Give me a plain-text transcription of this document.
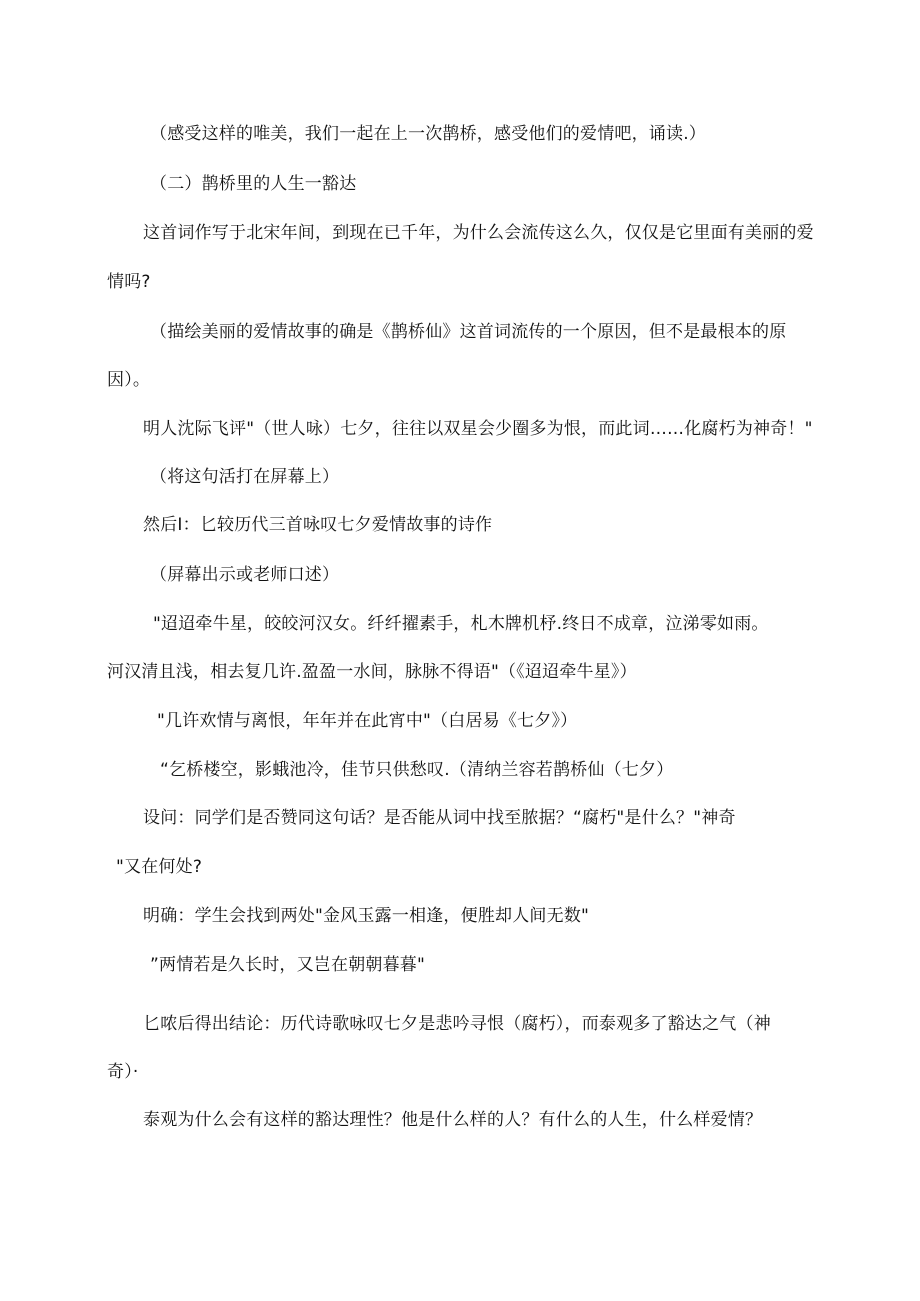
（感受这样的唯美，我们一起在上一次鹊桥，感受他们的爱情吧，诵读.）
（二）鹊桥里的人生一豁达
这首词作写于北宋年间，到现在已千年，为什么会流传这么久，仅仅是它里面有美丽的爱
情吗?
（描绘美丽的爱情故事的确是《鹊桥仙》这首词流传的一个原因，但不是最根本的原
因）。
明人沈际飞评"（世人咏）七夕，往往以双星会少圈多为恨，而此词……化腐朽为神奇！"
（将这句活打在屏幕上）
然后I：匕较历代三首咏叹七夕爱情故事的诗作
（屏幕出示或老师口述）
"迢迢牵牛星，皎皎河汉女。纤纤擢素手，札木牌机杼.终日不成章，泣涕零如雨。
河汉清且浅，相去复几许.盈盈一水间，脉脉不得语"（《迢迢牵牛星》）
"几许欢情与离恨，年年并在此宵中"（白居易《七夕》）
“乞桥楼空，影蛾池冷，佳节只供愁叹.（清纳兰容若鹊桥仙（七夕）
设问：同学们是否赞同这句话？是否能从词中找至脓据？“腐朽"是什么？"神奇
"又在何处?
明确：学生会找到两处"金风玉露一相逢，便胜却人间无数"
”两情若是久长时，又岂在朝朝暮暮"
匕哝后得出结论：历代诗歌咏叹七夕是悲吟寻恨（腐朽），而泰观多了豁达之气（神
奇）·
泰观为什么会有这样的豁达理性？他是什么样的人？有什么的人生，什么样爱情？
